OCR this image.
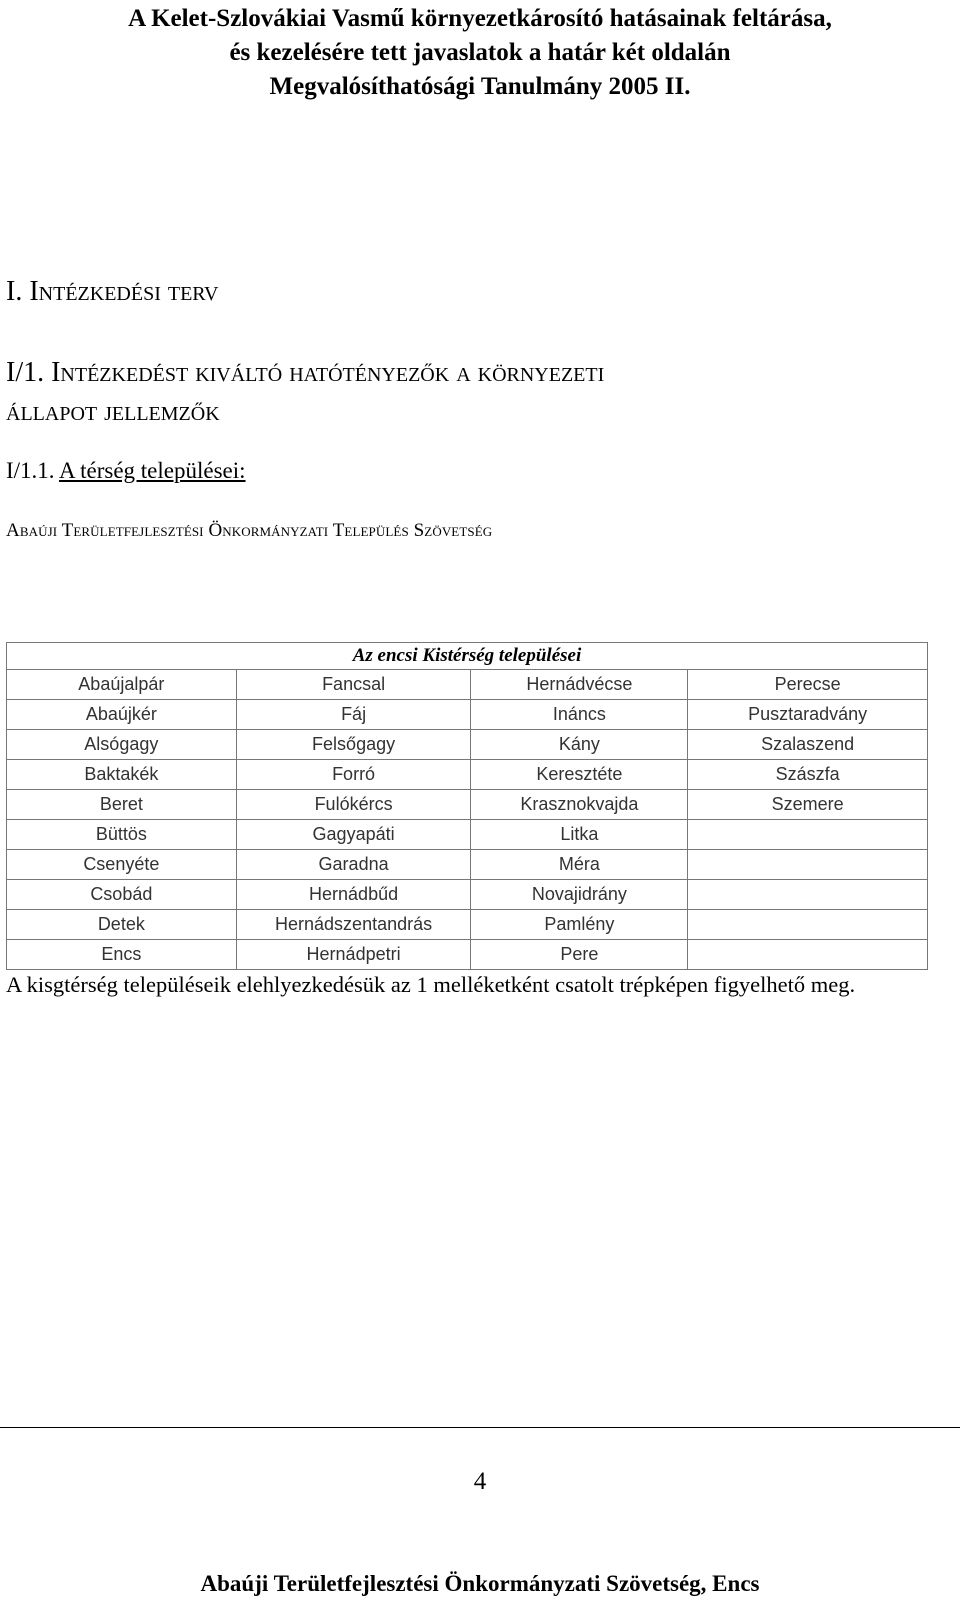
A Kelet-Szlovákiai Vasmű környezetkárosító hatásainak feltárása,
és kezelésére tett javaslatok a határ két oldalán
Megvalósíthatósági Tanulmány 2005 II.
I. Intézkedési terv
I/1. Intézkedést kiváltó hatótényezők a környezeti
állapot jellemzők
I/1.1. A térség települései:
Abaúji Területfejlesztési Önkormányzati Település Szövetség
Az encsi Kistérség települései			
Abaújalpár	Fancsal	Hernádvécse	Perecse
Abaújkér	Fáj	Ináncs	Pusztaradvány
Alsógagy	Felsőgagy	Kány	Szalaszend
Baktakék	Forró	Keresztéte	Szászfa
Beret	Fulókércs	Krasznokvajda	Szemere
Büttös	Gagyapáti	Litka	
Csenyéte	Garadna	Méra	
Csobád	Hernádbűd	Novajidrány	
Detek	Hernádszentandrás	Pamlény	
Encs	Hernádpetri	Pere	
A kisgtérség településeik elehlyezkedésük az 1 melléketként csatolt trépképen figyelhető meg.
4
Abaúji Területfejlesztési Önkormányzati Szövetség, Encs
